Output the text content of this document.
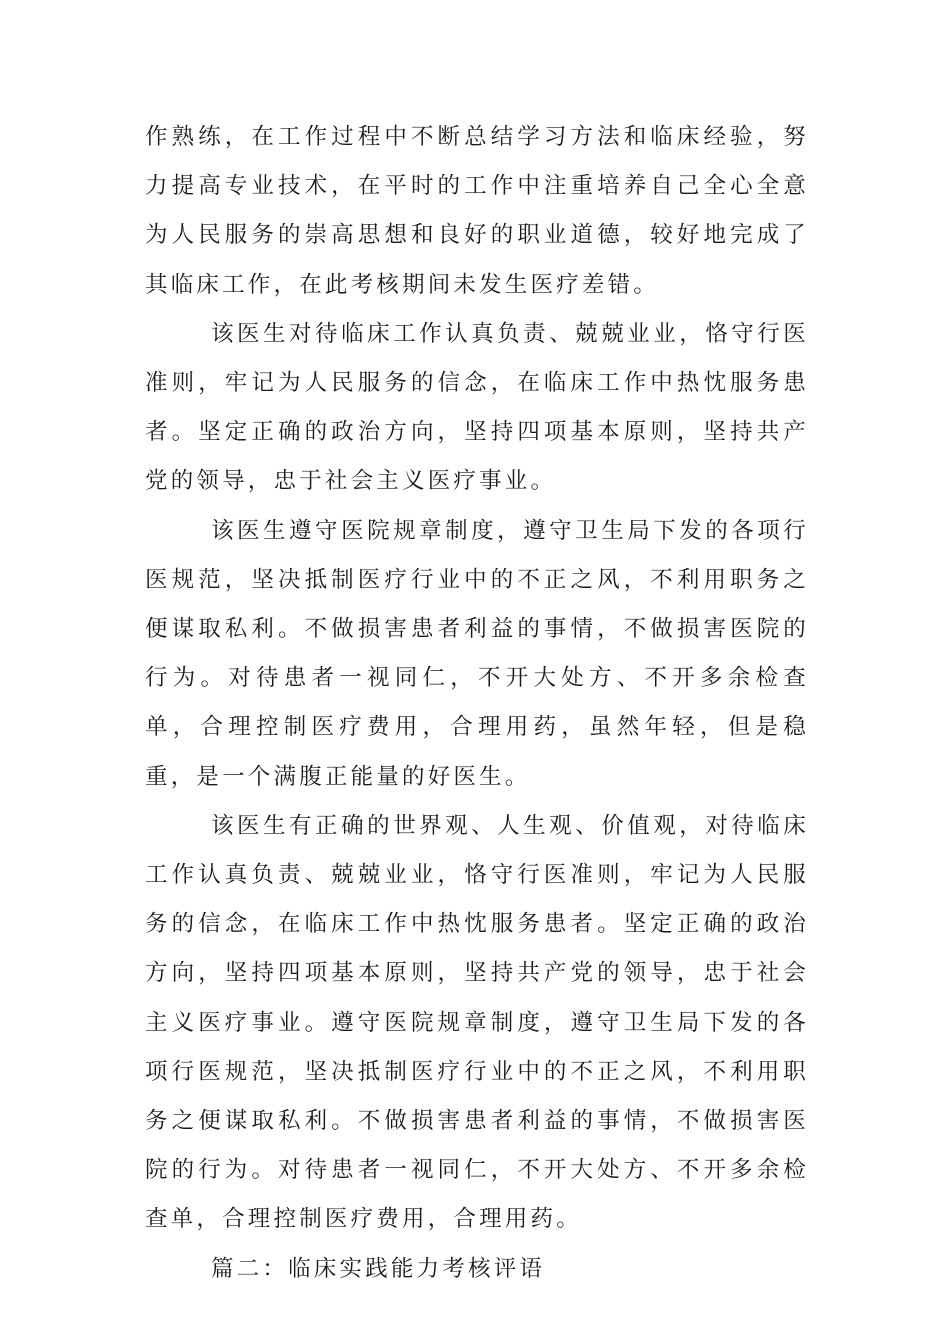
作熟练，在工作过程中不断总结学习方法和临床经验，努力提高专业技术，在平时的工作中注重培养自己全心全意为人民服务的崇高思想和良好的职业道德，较好地完成了其临床工作，在此考核期间未发生医疗差错。

该医生对待临床工作认真负责、兢兢业业，恪守行医准则，牢记为人民服务的信念，在临床工作中热忱服务患者。坚定正确的政治方向，坚持四项基本原则，坚持共产党的领导，忠于社会主义医疗事业。

该医生遵守医院规章制度，遵守卫生局下发的各项行医规范，坚决抵制医疗行业中的不正之风，不利用职务之便谋取私利。不做损害患者利益的事情，不做损害医院的行为。对待患者一视同仁，不开大处方、不开多余检查单，合理控制医疗费用，合理用药，虽然年轻，但是稳重，是一个满腹正能量的好医生。

该医生有正确的世界观、人生观、价值观，对待临床工作认真负责、兢兢业业，恪守行医准则，牢记为人民服务的信念，在临床工作中热忱服务患者。坚定正确的政治方向，坚持四项基本原则，坚持共产党的领导，忠于社会主义医疗事业。遵守医院规章制度，遵守卫生局下发的各项行医规范，坚决抵制医疗行业中的不正之风，不利用职务之便谋取私利。不做损害患者利益的事情，不做损害医院的行为。对待患者一视同仁，不开大处方、不开多余检查单，合理控制医疗费用，合理用药。

篇二：临床实践能力考核评语
